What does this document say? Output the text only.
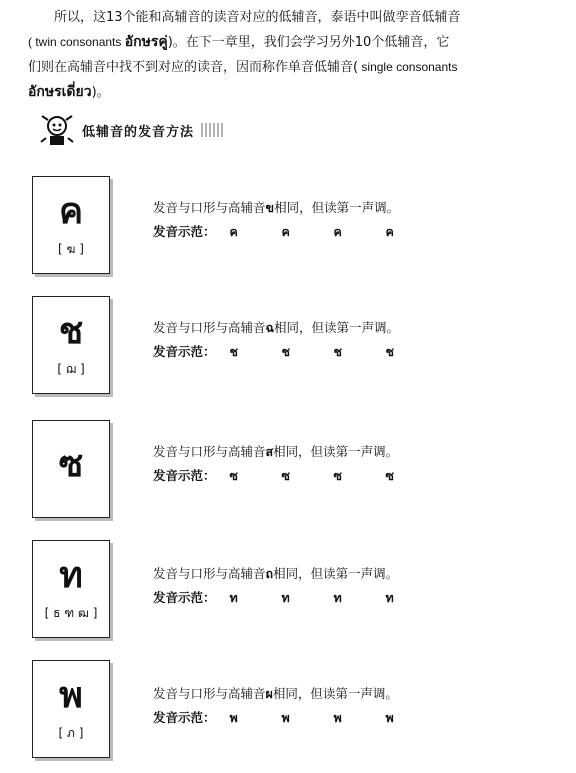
所以，这13个能和高辅音的读音对应的低辅音，泰语中叫做孪音低辅音

( twin consonants อักษรคู่)。在下一章里，我们会学习另外10个低辅音，它

们则在高辅音中找不到对应的读音，因而称作单音低辅音( single consonants

อักษรเดี่ยว)。

低辅音的发音方法
ค
[ ฆ ]
发音与口形与高辅音ข相同，但读第一声调。
发音示范： ค	ค	ค	ค
ช
[ ฌ ]
发音与口形与高辅音ฉ相同，但读第一声调。
发音示范： ช	ช	ช	ช
ซ	发音与口形与高辅音ส相同，但读第一声调。
发音示范： ซ	ซ	ซ	ซ
ท
[ ธ ฑ ฒ ]
发音与口形与高辅音ถ相同，但读第一声调。
发音示范： ท	ท	ท	ท
พ
[ ภ ]
发音与口形与高辅音ผ相同，但读第一声调。
发音示范： พ	พ	พ	พ
